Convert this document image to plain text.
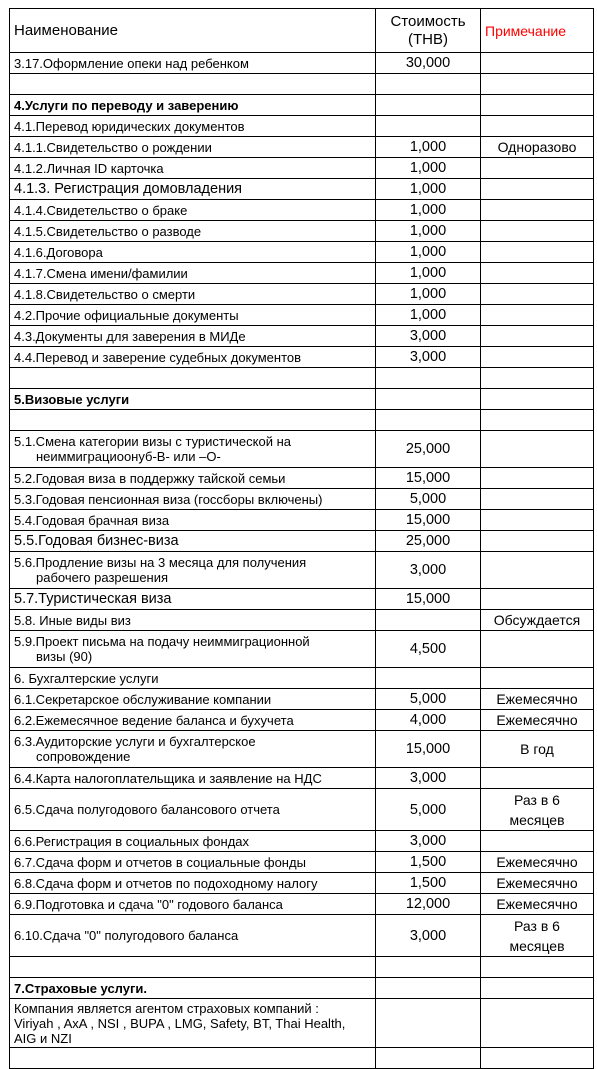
Наименование	Стоимость (THB)	Примечание
3.17.Оформление опеки над ребенком	30,000	

4.Услуги по переводу и заверению		
4.1.Перевод юридических документов		
4.1.1.Свидетельство о рождении	1,000	Одноразово
4.1.2.Личная ID карточка	1,000	
4.1.3. Регистрация домовладения	1,000	
4.1.4.Свидетельство о браке	1,000	
4.1.5.Свидетельство о разводе	1,000	
4.1.6.Договора	1,000	
4.1.7.Смена имени/фамилии	1,000	
4.1.8.Свидетельство о смерти	1,000	
4.2.Прочие официальные документы	1,000	
4.3.Документы для заверения в МИДе	3,000	
4.4.Перевод и заверение судебных документов	3,000	

5.Визовые услуги		

5.1.Смена категории визы с туристической на
неиммиграциоонуб-В- или –О-	25,000	
5.2.Годовая виза в поддержку тайской семьи	15,000	
5.3.Годовая пенсионная виза (госсборы включены)	5,000	
5.4.Годовая брачная виза	15,000	
5.5.Годовая бизнес-виза	25,000	
5.6.Продление визы на 3 месяца для получения
рабочего разрешения	3,000	
5.7.Туристическая виза	15,000	
5.8. Иные виды виз		Обсуждается
5.9.Проект письма на подачу неиммиграционной
визы (90)	4,500	
6. Бухгалтерские услуги		
6.1.Секретарское обслуживание компании	5,000	Ежемесячно
6.2.Ежемесячное ведение баланса и бухучета	4,000	Ежемесячно
6.3.Аудиторские услуги и бухгалтерское
сопровождение	15,000	В год
6.4.Карта налогоплательщика и заявление на НДС	3,000	
6.5.Сдача полугодового балансового отчета	5,000	Раз в 6
месяцев
6.6.Регистрация в социальных фондах	3,000	
6.7.Сдача форм и отчетов в социальные фонды	1,500	Ежемесячно
6.8.Сдача форм и отчетов по подоходному налогу	1,500	Ежемесячно
6.9.Подготовка и сдача "0" годового баланса	12,000	Ежемесячно
6.10.Сдача "0" полугодового баланса	3,000	Раз в 6
месяцев

7.Страховые услуги.		
Компания является агентом страховых компаний :
Viriyah , AxA , NSI , BUPA , LMG, Safety, BT, Thai Health,
AIG и NZI		
